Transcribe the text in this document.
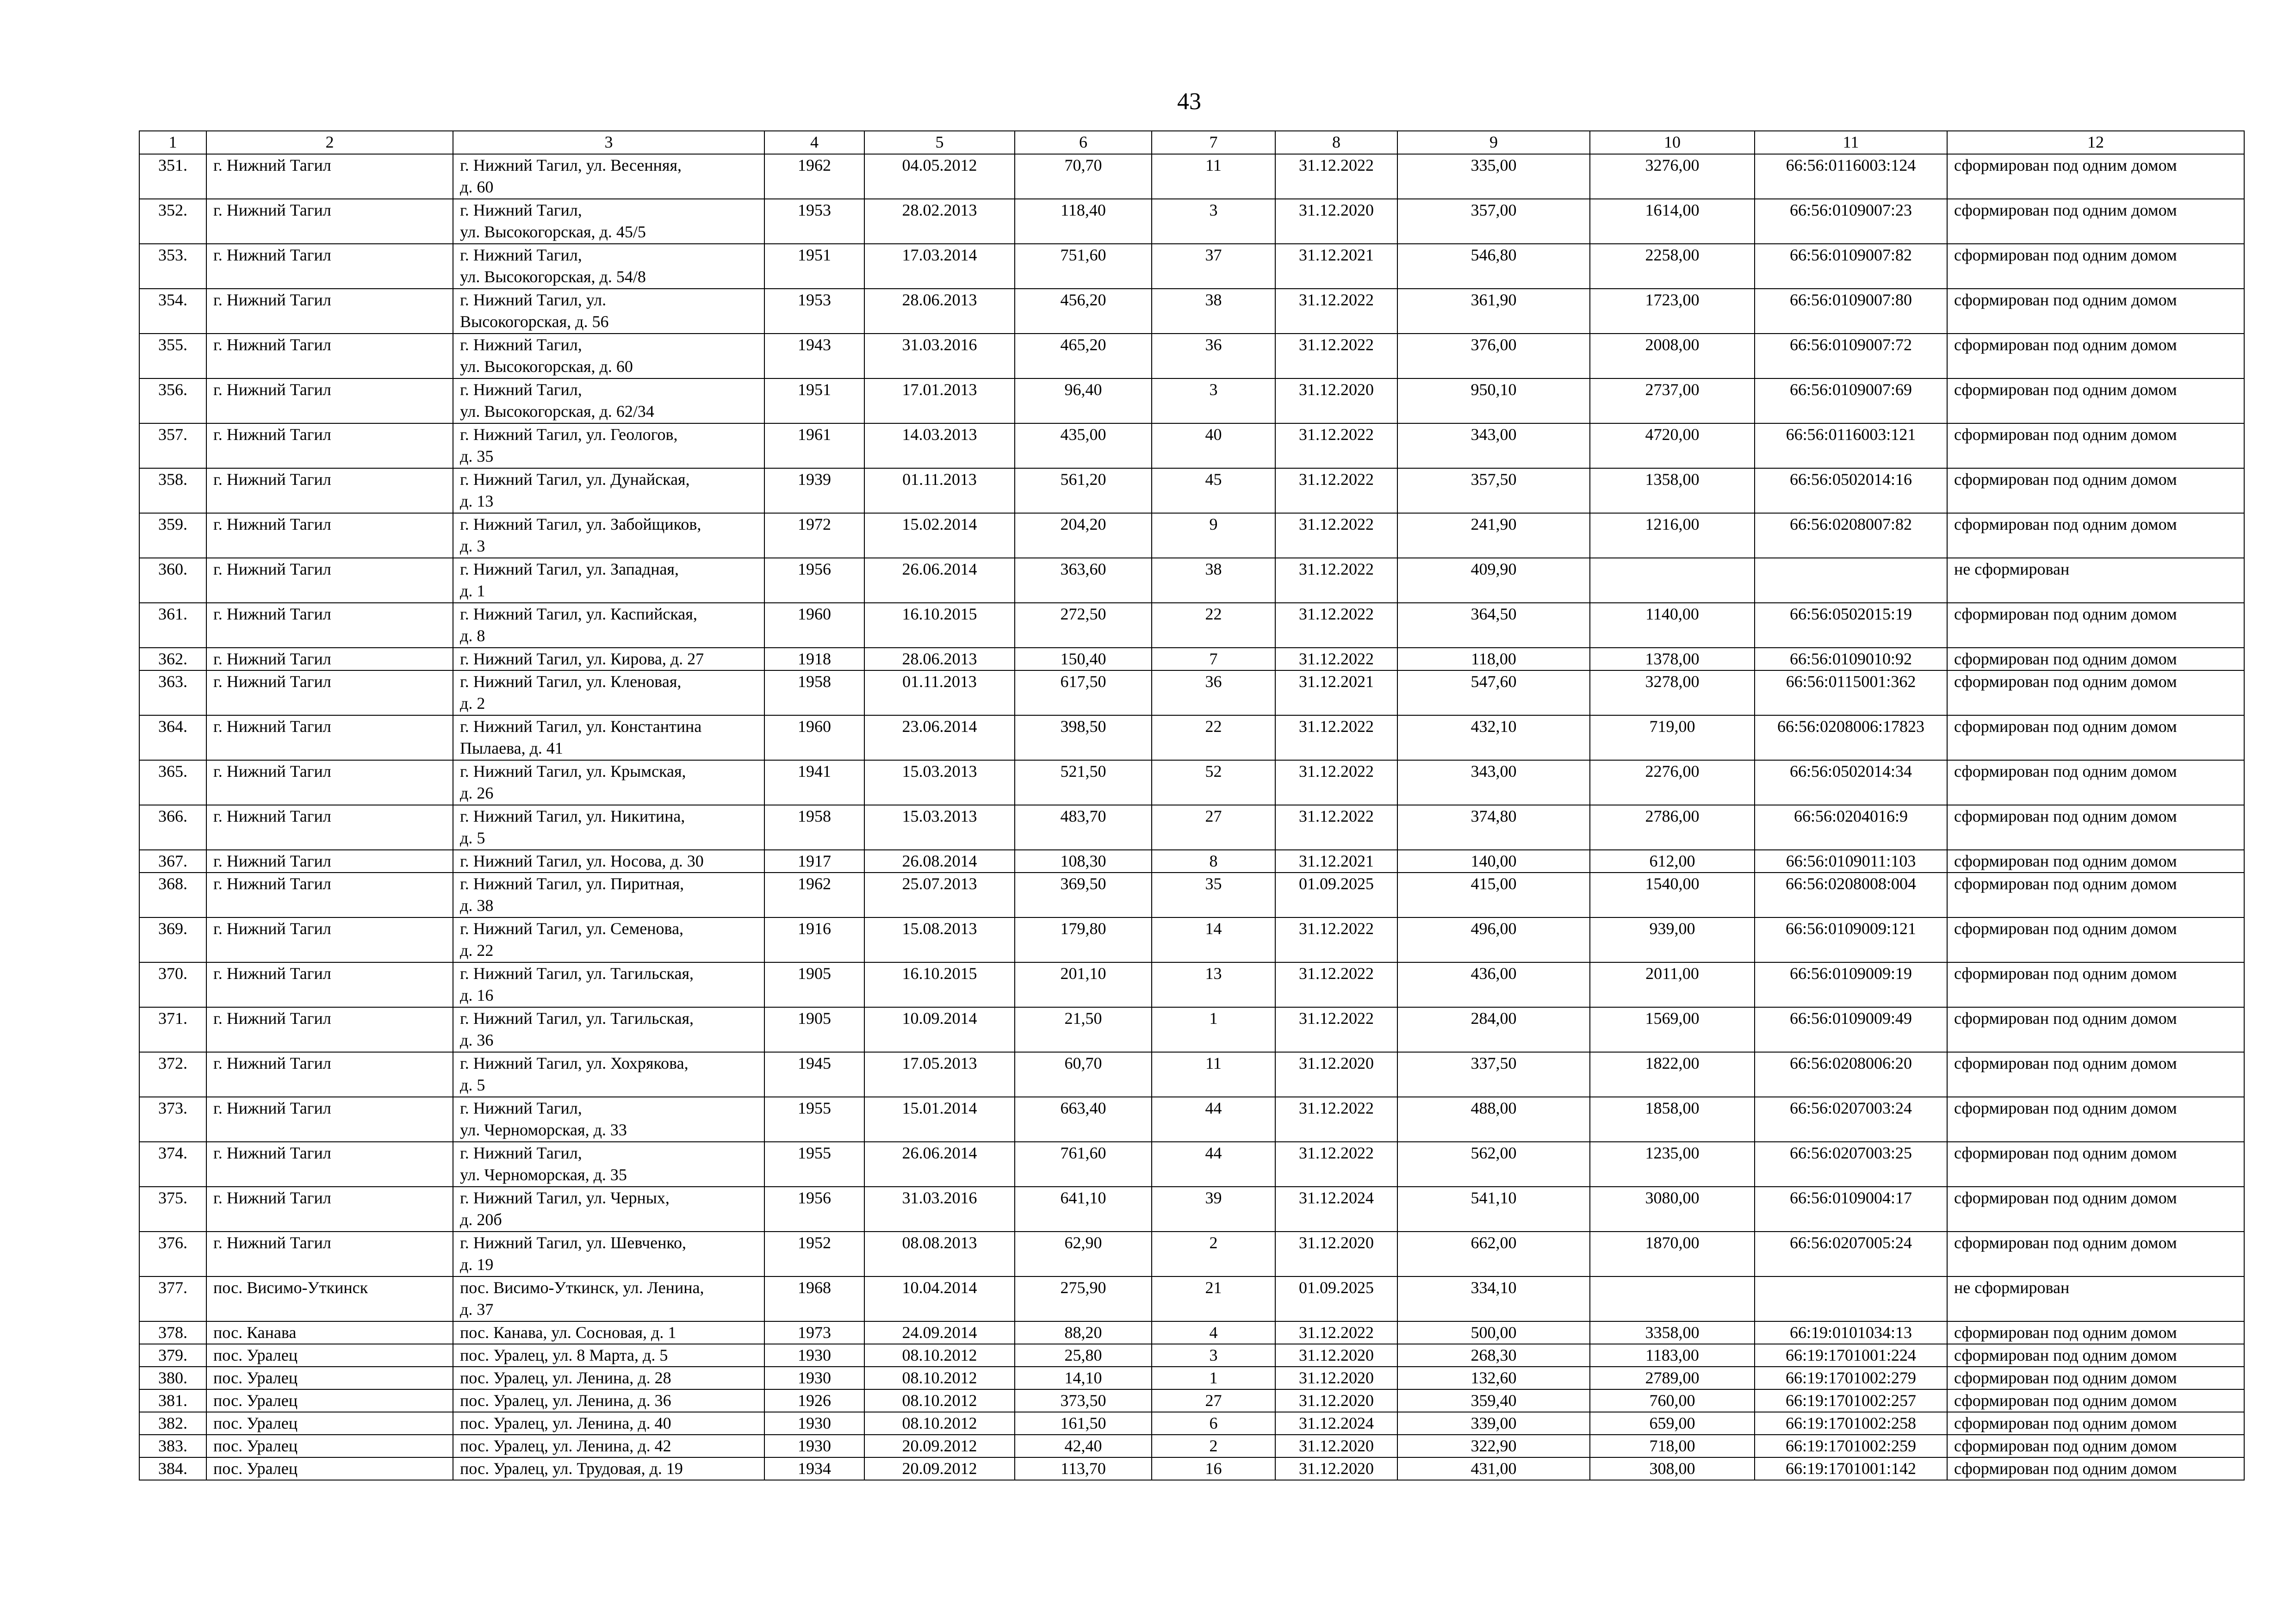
43
1	2	3	4	5	6	7	8	9	10	11	12
351.	г. Нижний Тагил	г. Нижний Тагил, ул. Весенняя,
д. 60	1962	04.05.2012	70,70	11	31.12.2022	335,00	3276,00	66:56:0116003:124	сформирован под одним домом
352.	г. Нижний Тагил	г. Нижний Тагил,
ул. Высокогорская, д. 45/5	1953	28.02.2013	118,40	3	31.12.2020	357,00	1614,00	66:56:0109007:23	сформирован под одним домом
353.	г. Нижний Тагил	г. Нижний Тагил,
ул. Высокогорская, д. 54/8	1951	17.03.2014	751,60	37	31.12.2021	546,80	2258,00	66:56:0109007:82	сформирован под одним домом
354.	г. Нижний Тагил	г. Нижний Тагил, ул.
Высокогорская, д. 56	1953	28.06.2013	456,20	38	31.12.2022	361,90	1723,00	66:56:0109007:80	сформирован под одним домом
355.	г. Нижний Тагил	г. Нижний Тагил,
ул. Высокогорская, д. 60	1943	31.03.2016	465,20	36	31.12.2022	376,00	2008,00	66:56:0109007:72	сформирован под одним домом
356.	г. Нижний Тагил	г. Нижний Тагил,
ул. Высокогорская, д. 62/34	1951	17.01.2013	96,40	3	31.12.2020	950,10	2737,00	66:56:0109007:69	сформирован под одним домом
357.	г. Нижний Тагил	г. Нижний Тагил, ул. Геологов,
д. 35	1961	14.03.2013	435,00	40	31.12.2022	343,00	4720,00	66:56:0116003:121	сформирован под одним домом
358.	г. Нижний Тагил	г. Нижний Тагил, ул. Дунайская,
д. 13	1939	01.11.2013	561,20	45	31.12.2022	357,50	1358,00	66:56:0502014:16	сформирован под одним домом
359.	г. Нижний Тагил	г. Нижний Тагил, ул. Забойщиков,
д. 3	1972	15.02.2014	204,20	9	31.12.2022	241,90	1216,00	66:56:0208007:82	сформирован под одним домом
360.	г. Нижний Тагил	г. Нижний Тагил, ул. Западная,
д. 1	1956	26.06.2014	363,60	38	31.12.2022	409,90			не сформирован
361.	г. Нижний Тагил	г. Нижний Тагил, ул. Каспийская,
д. 8	1960	16.10.2015	272,50	22	31.12.2022	364,50	1140,00	66:56:0502015:19	сформирован под одним домом
362.	г. Нижний Тагил	г. Нижний Тагил, ул. Кирова, д. 27	1918	28.06.2013	150,40	7	31.12.2022	118,00	1378,00	66:56:0109010:92	сформирован под одним домом
363.	г. Нижний Тагил	г. Нижний Тагил, ул. Кленовая,
д. 2	1958	01.11.2013	617,50	36	31.12.2021	547,60	3278,00	66:56:0115001:362	сформирован под одним домом
364.	г. Нижний Тагил	г. Нижний Тагил, ул. Константина
Пылаева, д. 41	1960	23.06.2014	398,50	22	31.12.2022	432,10	719,00	66:56:0208006:17823	сформирован под одним домом
365.	г. Нижний Тагил	г. Нижний Тагил, ул. Крымская,
д. 26	1941	15.03.2013	521,50	52	31.12.2022	343,00	2276,00	66:56:0502014:34	сформирован под одним домом
366.	г. Нижний Тагил	г. Нижний Тагил, ул. Никитина,
д. 5	1958	15.03.2013	483,70	27	31.12.2022	374,80	2786,00	66:56:0204016:9	сформирован под одним домом
367.	г. Нижний Тагил	г. Нижний Тагил, ул. Носова, д. 30	1917	26.08.2014	108,30	8	31.12.2021	140,00	612,00	66:56:0109011:103	сформирован под одним домом
368.	г. Нижний Тагил	г. Нижний Тагил, ул. Пиритная,
д. 38	1962	25.07.2013	369,50	35	01.09.2025	415,00	1540,00	66:56:0208008:004	сформирован под одним домом
369.	г. Нижний Тагил	г. Нижний Тагил, ул. Семенова,
д. 22	1916	15.08.2013	179,80	14	31.12.2022	496,00	939,00	66:56:0109009:121	сформирован под одним домом
370.	г. Нижний Тагил	г. Нижний Тагил, ул. Тагильская,
д. 16	1905	16.10.2015	201,10	13	31.12.2022	436,00	2011,00	66:56:0109009:19	сформирован под одним домом
371.	г. Нижний Тагил	г. Нижний Тагил, ул. Тагильская,
д. 36	1905	10.09.2014	21,50	1	31.12.2022	284,00	1569,00	66:56:0109009:49	сформирован под одним домом
372.	г. Нижний Тагил	г. Нижний Тагил, ул. Хохрякова,
д. 5	1945	17.05.2013	60,70	11	31.12.2020	337,50	1822,00	66:56:0208006:20	сформирован под одним домом
373.	г. Нижний Тагил	г. Нижний Тагил,
ул. Черноморская, д. 33	1955	15.01.2014	663,40	44	31.12.2022	488,00	1858,00	66:56:0207003:24	сформирован под одним домом
374.	г. Нижний Тагил	г. Нижний Тагил,
ул. Черноморская, д. 35	1955	26.06.2014	761,60	44	31.12.2022	562,00	1235,00	66:56:0207003:25	сформирован под одним домом
375.	г. Нижний Тагил	г. Нижний Тагил, ул. Черных,
д. 20б	1956	31.03.2016	641,10	39	31.12.2024	541,10	3080,00	66:56:0109004:17	сформирован под одним домом
376.	г. Нижний Тагил	г. Нижний Тагил, ул. Шевченко,
д. 19	1952	08.08.2013	62,90	2	31.12.2020	662,00	1870,00	66:56:0207005:24	сформирован под одним домом
377.	пос. Висимо-Уткинск	пос. Висимо-Уткинск, ул. Ленина,
д. 37	1968	10.04.2014	275,90	21	01.09.2025	334,10			не сформирован
378.	пос. Канава	пос. Канава, ул. Сосновая, д. 1	1973	24.09.2014	88,20	4	31.12.2022	500,00	3358,00	66:19:0101034:13	сформирован под одним домом
379.	пос. Уралец	пос. Уралец, ул. 8 Марта, д. 5	1930	08.10.2012	25,80	3	31.12.2020	268,30	1183,00	66:19:1701001:224	сформирован под одним домом
380.	пос. Уралец	пос. Уралец, ул. Ленина, д. 28	1930	08.10.2012	14,10	1	31.12.2020	132,60	2789,00	66:19:1701002:279	сформирован под одним домом
381.	пос. Уралец	пос. Уралец, ул. Ленина, д. 36	1926	08.10.2012	373,50	27	31.12.2020	359,40	760,00	66:19:1701002:257	сформирован под одним домом
382.	пос. Уралец	пос. Уралец, ул. Ленина, д. 40	1930	08.10.2012	161,50	6	31.12.2024	339,00	659,00	66:19:1701002:258	сформирован под одним домом
383.	пос. Уралец	пос. Уралец, ул. Ленина, д. 42	1930	20.09.2012	42,40	2	31.12.2020	322,90	718,00	66:19:1701002:259	сформирован под одним домом
384.	пос. Уралец	пос. Уралец, ул. Трудовая, д. 19	1934	20.09.2012	113,70	16	31.12.2020	431,00	308,00	66:19:1701001:142	сформирован под одним домом
